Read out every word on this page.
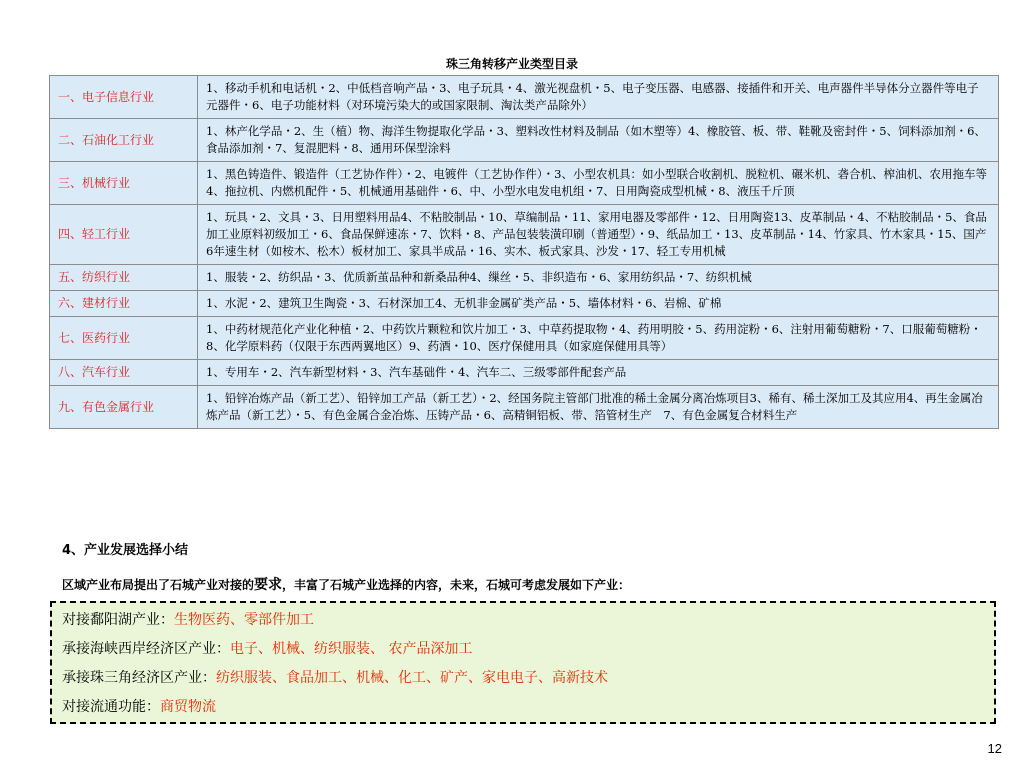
珠三角转移产业类型目录
一、电子信息行业	1、移动手机和电话机・2、中低档音响产品・3、电子玩具・4、激光视盘机・5、电子变压器、电感器、接插件和开关、电声器件半导体分立器件等电子元器件・6、电子功能材料（对环境污染大的或国家限制、淘汰类产品除外）
二、石油化工行业	1、林产化学品・2、生（植）物、海洋生物提取化学品・3、塑料改性材料及制品（如木塑等）4、橡胶管、板、带、鞋靴及密封件・5、饲料添加剂・6、食品添加剂・7、复混肥料・8、通用环保型涂料
三、机械行业	1、黑色铸造件、锻造件（工艺协作件）・2、电镀件（工艺协作件）・3、小型农机具：如小型联合收割机、脱粒机、碾米机、砻合机、榨油机、农用拖车等4、拖拉机、内燃机配件・5、机械通用基础件・6、中、小型水电发电机组・7、日用陶瓷成型机械・8、液压千斤顶
四、轻工行业	1、玩具・2、文具・3、日用塑料用品4、不粘胶制品・10、草编制品・11、家用电器及零部件・12、日用陶瓷13、皮革制品・4、不粘胶制品・5、食品加工业原料初级加工・6、食品保鲜速冻・7、饮料・8、产品包装装潢印刷（普通型）・9、纸品加工・13、皮革制品・14、竹家具、竹木家具・15、国产6年速生材（如桉木、松木）板材加工、家具半成品・16、实木、板式家具、沙发・17、轻工专用机械
五、纺织行业	1、服装・2、纺织品・3、优质新茧品种和新桑品种4、缫丝・5、非织造布・6、家用纺织品・7、纺织机械
六、建材行业	1、水泥・2、建筑卫生陶瓷・3、石材深加工4、无机非金属矿类产品・5、墙体材料・6、岩棉、矿棉
七、医药行业	1、中药材规范化产业化种植・2、中药饮片颗粒和饮片加工・3、中草药提取物・4、药用明胶・5、药用淀粉・6、注射用葡萄糖粉・7、口服葡萄糖粉・8、化学原料药（仅限于东西两翼地区）9、药酒・10、医疗保健用具（如家庭保健用具等）
八、汽车行业	1、专用车・2、汽车新型材料・3、汽车基础件・4、汽车二、三级零部件配套产品
九、有色金属行业	1、铅锌冶炼产品（新工艺）、铅锌加工产品（新工艺）・2、经国务院主管部门批准的稀土金属分离冶炼项目3、稀有、稀土深加工及其应用4、再生金属冶炼产品（新工艺）・5、有色金属合金冶炼、压铸产品・6、高精铜铝板、带、箔管材生产　7、有色金属复合材料生产
4、产业发展选择小结
区域产业布局提出了石城产业对接的要求，丰富了石城产业选择的内容，未来，石城可考虑发展如下产业：
对接鄱阳湖产业：生物医药、零部件加工
承接海峡西岸经济区产业：电子、机械、纺织服装、 农产品深加工
承接珠三角经济区产业：纺织服装、食品加工、机械、化工、矿产、家电电子、高新技术
对接流通功能：商贸物流
12
